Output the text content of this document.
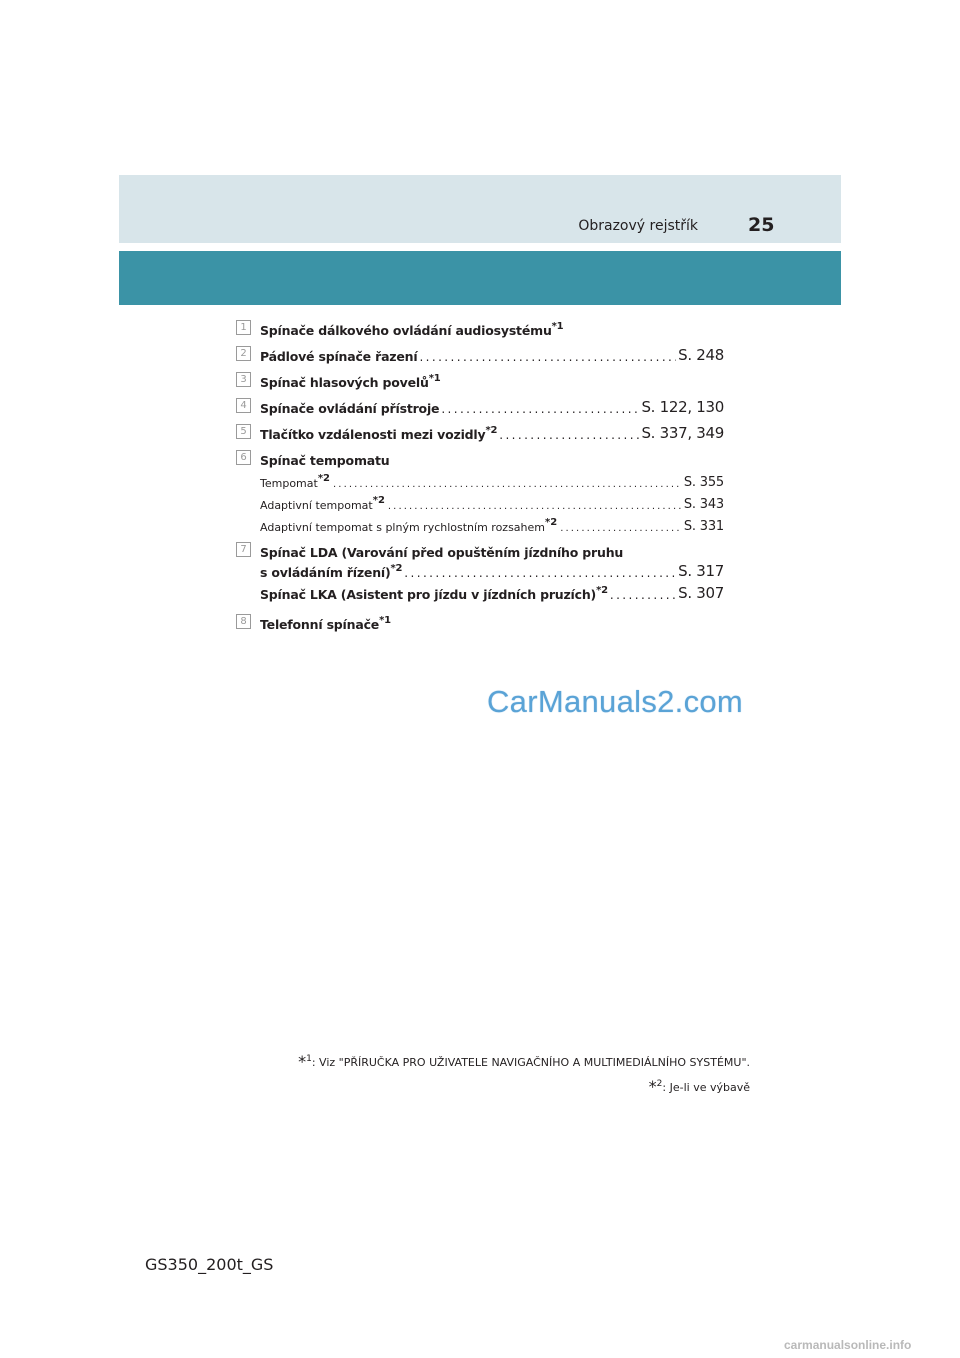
Obrazový rejstřík	25
1	Spínače dálkového ovládání audiosystému$^{*1}$
2	Pádlové spínače řazení .....	S. 248
3	Spínač hlasových povelů$^{*1}$
4	Spínače ovládání přístroje .....	S. 122, 130
5	Tlačítko vzdálenosti mezi vozidly$^{*2}$ .....	S. 337, 349
6	Spínač tempomatu
Tempomat$^{*2}$ .....	S. 355
Adaptivní tempomat$^{*2}$ .....	S. 343
Adaptivní tempomat s plným rychlostním rozsahem$^{*2}$ .....	S. 331
7	Spínač LDA (Varování před opuštěním jízdního pruhu
s ovládáním řízení)$^{*2}$ .....	S. 317
Spínač LKA (Asistent pro jízdu v jízdních pruzích)$^{*2}$ .....	S. 307
8	Telefonní spínače$^{*1}$
CarManuals2.com
*$^1$: Viz "PŘÍRUČKA PRO UŽIVATELE NAVIGAČNÍHO A MULTIMEDIÁLNÍHO SYSTÉMU".
*$^2$: Je-li ve výbavě
GS350_200t_GS
carmanualsonline.info
